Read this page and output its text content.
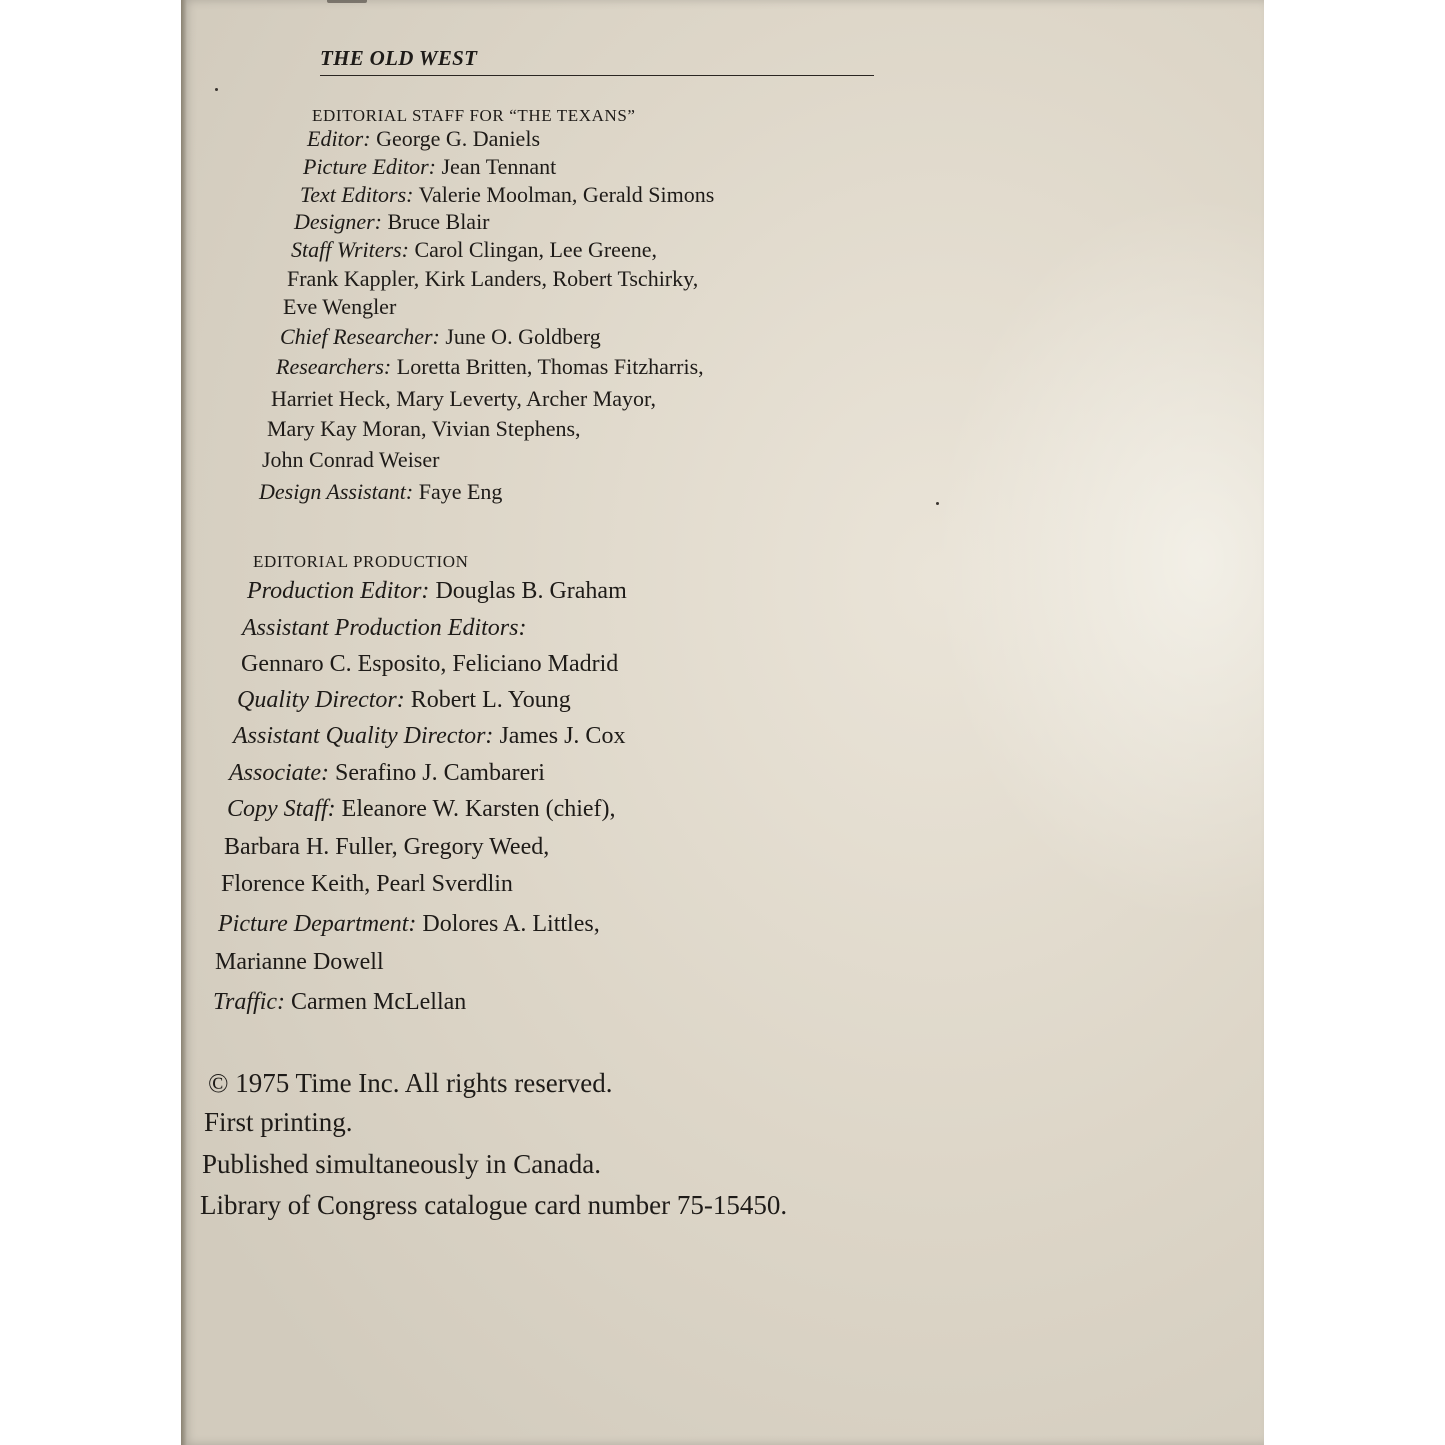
THE OLD WEST
EDITORIAL STAFF FOR “THE TEXANS”
Editor: George G. Daniels
Picture Editor: Jean Tennant
Text Editors: Valerie Moolman, Gerald Simons
Designer: Bruce Blair
Staff Writers: Carol Clingan, Lee Greene,
Frank Kappler, Kirk Landers, Robert Tschirky,
Eve Wengler
Chief Researcher: June O. Goldberg
Researchers: Loretta Britten, Thomas Fitzharris,
Harriet Heck, Mary Leverty, Archer Mayor,
Mary Kay Moran, Vivian Stephens,
John Conrad Weiser
Design Assistant: Faye Eng
EDITORIAL PRODUCTION
Production Editor: Douglas B. Graham
Assistant Production Editors:
Gennaro C. Esposito, Feliciano Madrid
Quality Director: Robert L. Young
Assistant Quality Director: James J. Cox
Associate: Serafino J. Cambareri
Copy Staff: Eleanore W. Karsten (chief),
Barbara H. Fuller, Gregory Weed,
Florence Keith, Pearl Sverdlin
Picture Department: Dolores A. Littles,
Marianne Dowell
Traffic: Carmen McLellan
© 1975 Time Inc. All rights reserved.
First printing.
Published simultaneously in Canada.
Library of Congress catalogue card number 75-15450.
